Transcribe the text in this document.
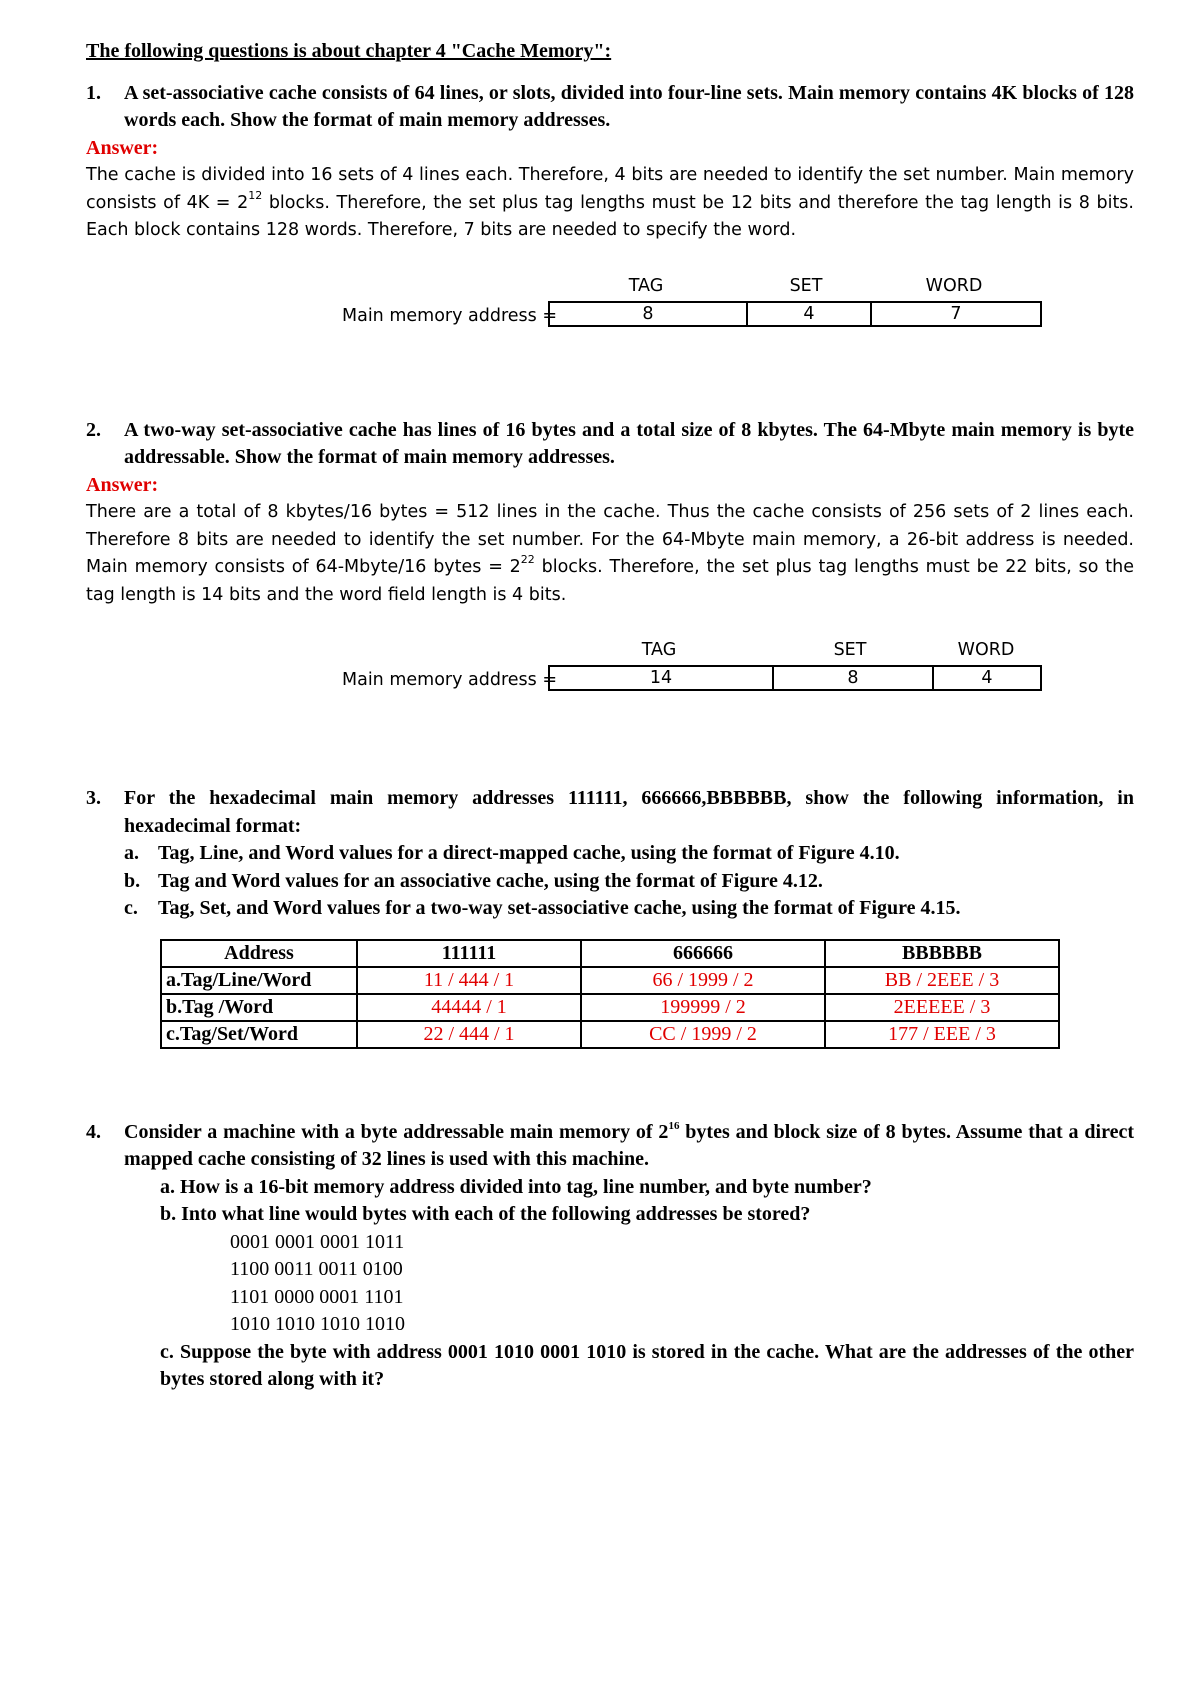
The following questions is about chapter 4 "Cache Memory":
1. A set-associative cache consists of 64 lines, or slots, divided into four-line sets. Main memory contains 4K blocks of 128 words each. Show the format of main memory addresses.
Answer:
The cache is divided into 16 sets of 4 lines each. Therefore, 4 bits are needed to identify the set number. Main memory consists of $4K = 2^{12}$ blocks. Therefore, the set plus tag lengths must be 12 bits and therefore the tag length is 8 bits. Each block contains 128 words. Therefore, 7 bits are needed to specify the word.
Main memory address =
TAG	SET	WORD
8	4	7
2. A two-way set-associative cache has lines of 16 bytes and a total size of 8 kbytes. The 64-Mbyte main memory is byte addressable. Show the format of main memory addresses.
Answer:
There are a total of 8 kbytes/16 bytes = 512 lines in the cache. Thus the cache consists of 256 sets of 2 lines each. Therefore 8 bits are needed to identify the set number. For the 64-Mbyte main memory, a 26-bit address is needed. Main memory consists of 64-Mbyte/16 bytes = $2^{22}$ blocks. Therefore, the set plus tag lengths must be 22 bits, so the tag length is 14 bits and the word field length is 4 bits.
Main memory address =
TAG	SET	WORD
14	8	4
3. For the hexadecimal main memory addresses 111111, 666666,BBBBBB, show the following information, in hexadecimal format:
a. Tag, Line, and Word values for a direct-mapped cache, using the format of Figure 4.10.
b. Tag and Word values for an associative cache, using the format of Figure 4.12.
c. Tag, Set, and Word values for a two-way set-associative cache, using the format of Figure 4.15.
Address	111111	666666	BBBBBB
a.Tag/Line/Word	11 / 444 / 1	66 / 1999 / 2	BB / 2EEE / 3
b.Tag /Word	44444 / 1	199999 / 2	2EEEEE / 3
c.Tag/Set/Word	22 / 444 / 1	CC / 1999 / 2	177 / EEE / 3
4. Consider a machine with a byte addressable main memory of $2^{16}$ bytes and block size of 8 bytes. Assume that a direct mapped cache consisting of 32 lines is used with this machine.
a. How is a 16-bit memory address divided into tag, line number, and byte number?
b. Into what line would bytes with each of the following addresses be stored?
0001 0001 0001 1011
1100 0011 0011 0100
1101 0000 0001 1101
1010 1010 1010 1010
c. Suppose the byte with address 0001 1010 0001 1010 is stored in the cache. What are the addresses of the other bytes stored along with it?
